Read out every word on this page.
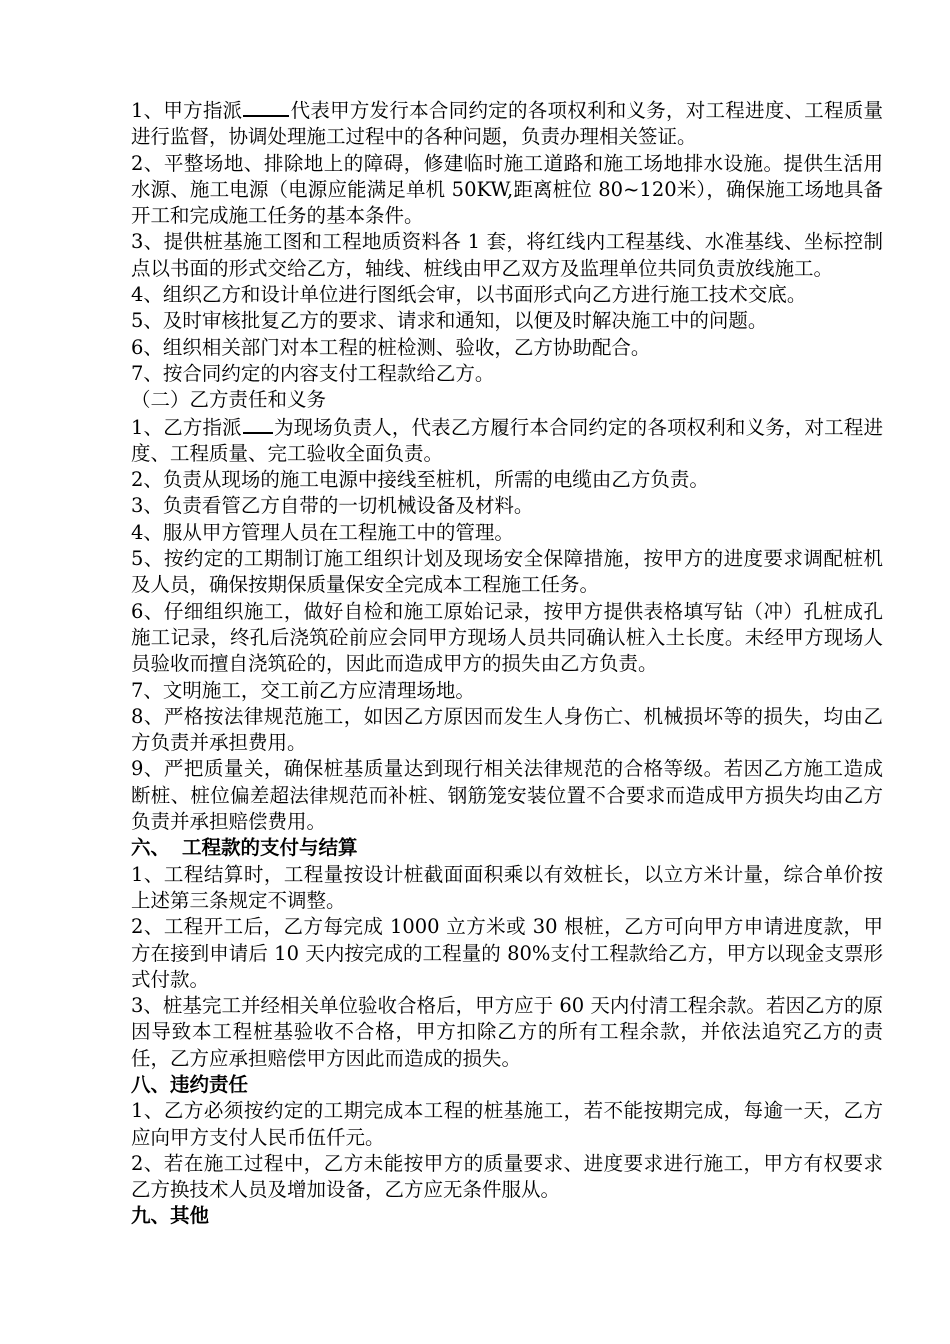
1、甲方指派 代表甲方发行本合同约定的各项权利和义务，对工程进度、工程质量进行监督，协调处理施工过程中的各种问题，负责办理相关签证。

2、平整场地、排除地上的障碍，修建临时施工道路和施工场地排水设施。提供生活用水源、施工电源（电源应能满足单机 50KW,距离桩位 80~120米），确保施工场地具备开工和完成施工任务的基本条件。

3、提供桩基施工图和工程地质资料各 1 套，将红线内工程基线、水准基线、坐标控制点以书面的形式交给乙方，轴线、桩线由甲乙双方及监理单位共同负责放线施工。

4、组织乙方和设计单位进行图纸会审，以书面形式向乙方进行施工技术交底。

5、及时审核批复乙方的要求、请求和通知，以便及时解决施工中的问题。

6、组织相关部门对本工程的桩检测、验收，乙方协助配合。

7、按合同约定的内容支付工程款给乙方。

（二）乙方责任和义务

1、乙方指派 为现场负责人，代表乙方履行本合同约定的各项权利和义务，对工程进度、工程质量、完工验收全面负责。

2、负责从现场的施工电源中接线至桩机，所需的电缆由乙方负责。

3、负责看管乙方自带的一切机械设备及材料。

4、服从甲方管理人员在工程施工中的管理。

5、按约定的工期制订施工组织计划及现场安全保障措施，按甲方的进度要求调配桩机及人员，确保按期保质量保安全完成本工程施工任务。

6、仔细组织施工，做好自检和施工原始记录，按甲方提供表格填写钻（冲）孔桩成孔施工记录，终孔后浇筑砼前应会同甲方现场人员共同确认桩入土长度。未经甲方现场人员验收而擅自浇筑砼的，因此而造成甲方的损失由乙方负责。

7、文明施工，交工前乙方应清理场地。

8、严格按法律规范施工，如因乙方原因而发生人身伤亡、机械损坏等的损失，均由乙方负责并承担费用。

9、严把质量关，确保桩基质量达到现行相关法律规范的合格等级。若因乙方施工造成断桩、桩位偏差超法律规范而补桩、钢筋笼安装位置不合要求而造成甲方损失均由乙方负责并承担赔偿费用。

六、 工程款的支付与结算

1、工程结算时，工程量按设计桩截面面积乘以有效桩长，以立方米计量，综合单价按上述第三条规定不调整。

2、工程开工后，乙方每完成 1000 立方米或 30 根桩，乙方可向甲方申请进度款，甲方在接到申请后 10 天内按完成的工程量的 80%支付工程款给乙方，甲方以现金支票形式付款。

3、桩基完工并经相关单位验收合格后，甲方应于 60 天内付清工程余款。若因乙方的原因导致本工程桩基验收不合格，甲方扣除乙方的所有工程余款，并依法追究乙方的责任，乙方应承担赔偿甲方因此而造成的损失。

八、违约责任

1、乙方必须按约定的工期完成本工程的桩基施工，若不能按期完成，每逾一天，乙方应向甲方支付人民币伍仟元。

2、若在施工过程中，乙方未能按甲方的质量要求、进度要求进行施工，甲方有权要求乙方换技术人员及增加设备，乙方应无条件服从。

九、其他
